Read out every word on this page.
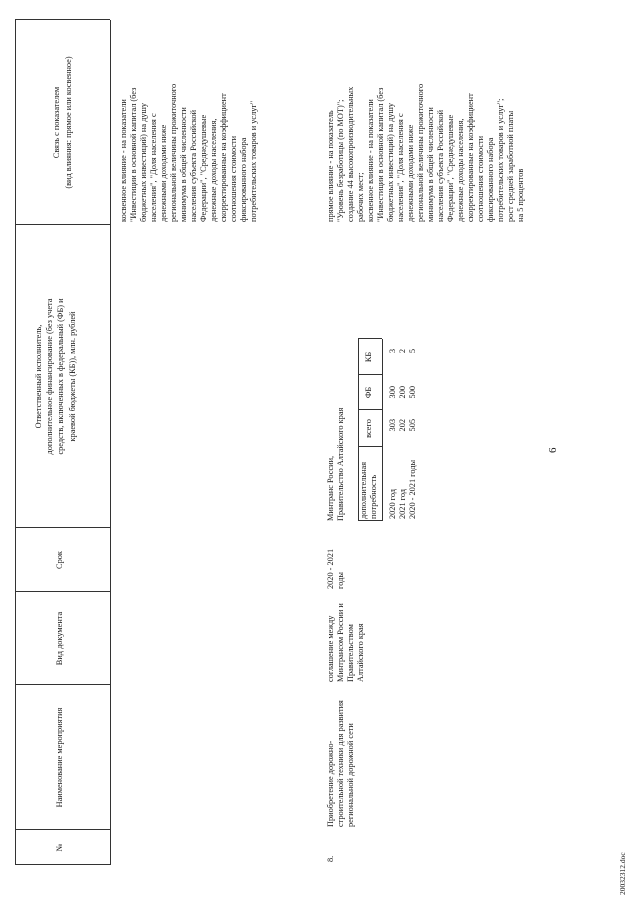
6
№
Наименование мероприятия
Вид документа
Срок
Ответственный исполнитель, дополнительное финансирование (без учета средств, включенных в федеральный (ФБ) и краевой бюджеты (КБ)), млн. рублей
Связь с показателем (вид влияния: прямое или косвенное)	косвенное влияние - на показатели "Инвестиции в основной капитал (без бюджетных инвестиций) на душу населения", "Доля населения с денежными доходами ниже региональной величины прожиточного минимума в общей численности населения субъекта Российской Федерации", "Среднедушевые денежные доходы населения, скорректированные на коэффициент соотношения стоимости фиксированного набора потребительских товаров и услуг"
8.
Приобретение дорожно- строительной техники для развития региональной дорожной сети
соглашение между Минтрансом России и Правительством Алтайского края
2020 - 2021 годы
Минтранс России, Правительство Алтайского края
прямое влияние - на показатель "Уровень безработицы (по МОТ)"; создание 44 высокопроизводительных рабочих мест; косвенное влияние - на показатели "Инвестиции в основной капитал (без бюджетных инвестиций) на душу населения", "Доля населения с денежными доходами ниже региональной величины прожиточного минимума в общей численности населения субъекта Российской Федерации", "Среднедушевые денежные доходы населения, скорректированные на коэффициент соотношения стоимости фиксированного набора потребительских товаров и услуг"; рост средней заработной платы на 5 процентов
дополнительная потребность
всего
ФБ
КБ
2020 год
303
300
3
2021 год
202
200
2
2020 - 2021 годы
505
500
5
20032312.doc
